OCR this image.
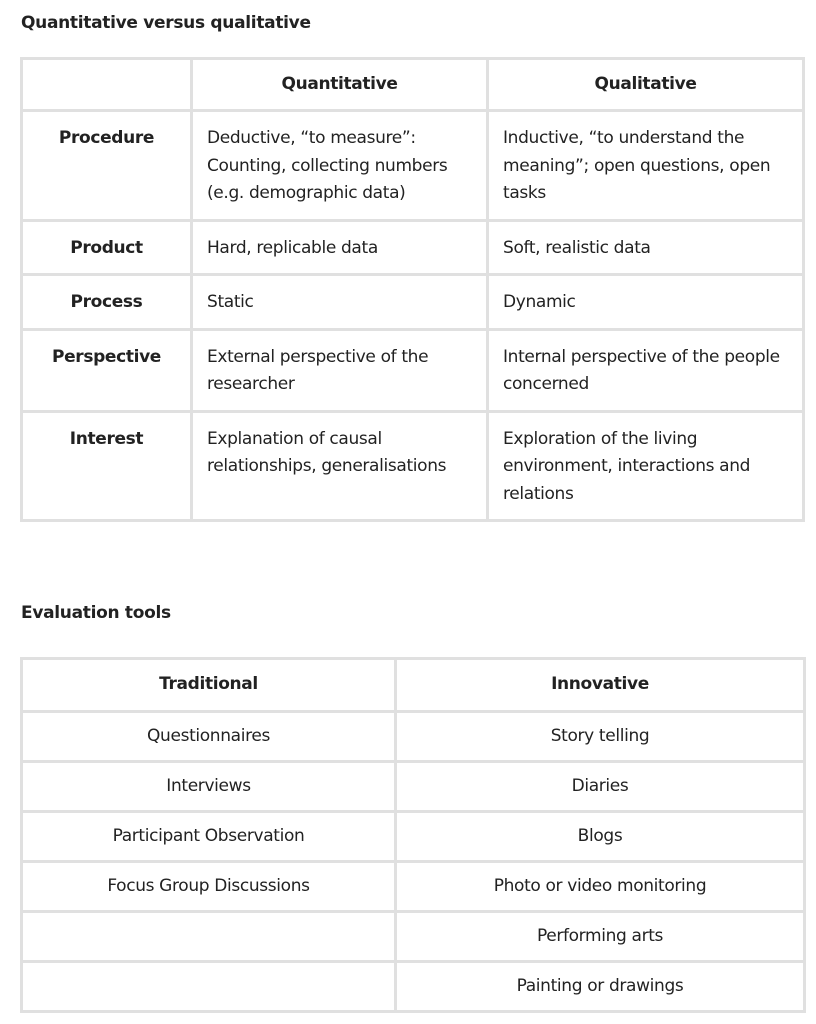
Quantitative versus qualitative
	Quantitative	Qualitative
Procedure	Deductive, “to measure”: Counting, collecting numbers (e.g. demographic data)	Inductive, “to understand the meaning”; open questions, open tasks
Product	Hard, replicable data	Soft, realistic data
Process	Static	Dynamic
Perspective	External perspective of the researcher	Internal perspective of the people concerned
Interest	Explanation of causal relationships, generalisations	Exploration of the living environment, interactions and relations
Evaluation tools
Traditional	Innovative
Questionnaires	Story telling
Interviews	Diaries
Participant Observation	Blogs
Focus Group Discussions	Photo or video monitoring
	Performing arts
	Painting or drawings
